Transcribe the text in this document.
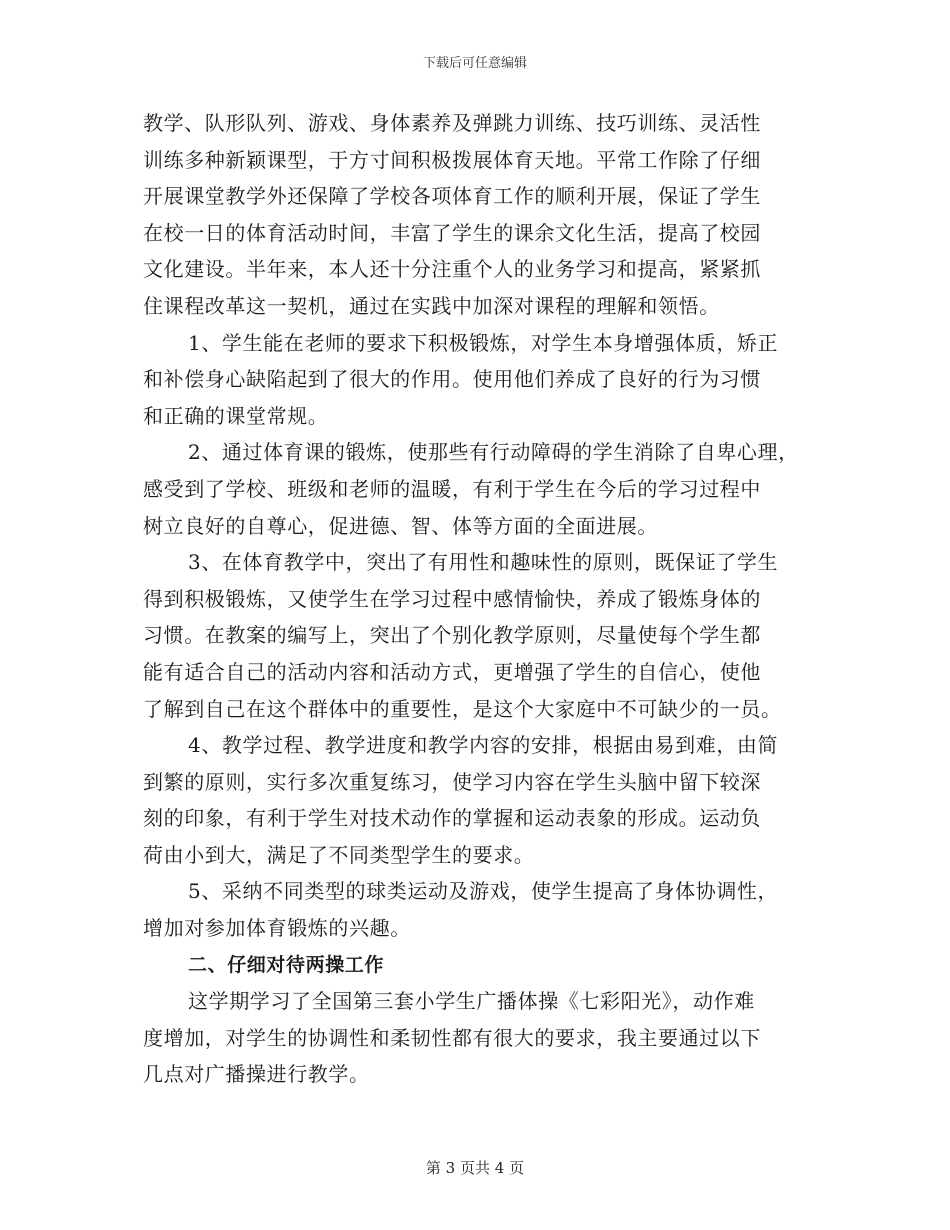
下载后可任意编辑
教学、队形队列、游戏、身体素养及弹跳力训练、技巧训练、灵活性
训练多种新颖课型，于方寸间积极拨展体育天地。平常工作除了仔细
开展课堂教学外还保障了学校各项体育工作的顺利开展，保证了学生
在校一日的体育活动时间，丰富了学生的课余文化生活，提高了校园
文化建设。半年来，本人还十分注重个人的业务学习和提高，紧紧抓
住课程改革这一契机，通过在实践中加深对课程的理解和领悟。
1、学生能在老师的要求下积极锻炼，对学生本身增强体质，矫正
和补偿身心缺陷起到了很大的作用。使用他们养成了良好的行为习惯
和正确的课堂常规。
2、通过体育课的锻炼，使那些有行动障碍的学生消除了自卑心理，
感受到了学校、班级和老师的温暖，有利于学生在今后的学习过程中
树立良好的自尊心，促进德、智、体等方面的全面进展。
3、在体育教学中，突出了有用性和趣味性的原则，既保证了学生
得到积极锻炼，又使学生在学习过程中感情愉快，养成了锻炼身体的
习惯。在教案的编写上，突出了个别化教学原则，尽量使每个学生都
能有适合自己的活动内容和活动方式，更增强了学生的自信心，使他
了解到自己在这个群体中的重要性，是这个大家庭中不可缺少的一员。
4、教学过程、教学进度和教学内容的安排，根据由易到难，由简
到繁的原则，实行多次重复练习，使学习内容在学生头脑中留下较深
刻的印象，有利于学生对技术动作的掌握和运动表象的形成。运动负
荷由小到大，满足了不同类型学生的要求。
5、采纳不同类型的球类运动及游戏，使学生提高了身体协调性，
增加对参加体育锻炼的兴趣。
二、仔细对待两操工作
这学期学习了全国第三套小学生广播体操《七彩阳光》，动作难
度增加，对学生的协调性和柔韧性都有很大的要求，我主要通过以下
几点对广播操进行教学。
第 3 页共 4 页
